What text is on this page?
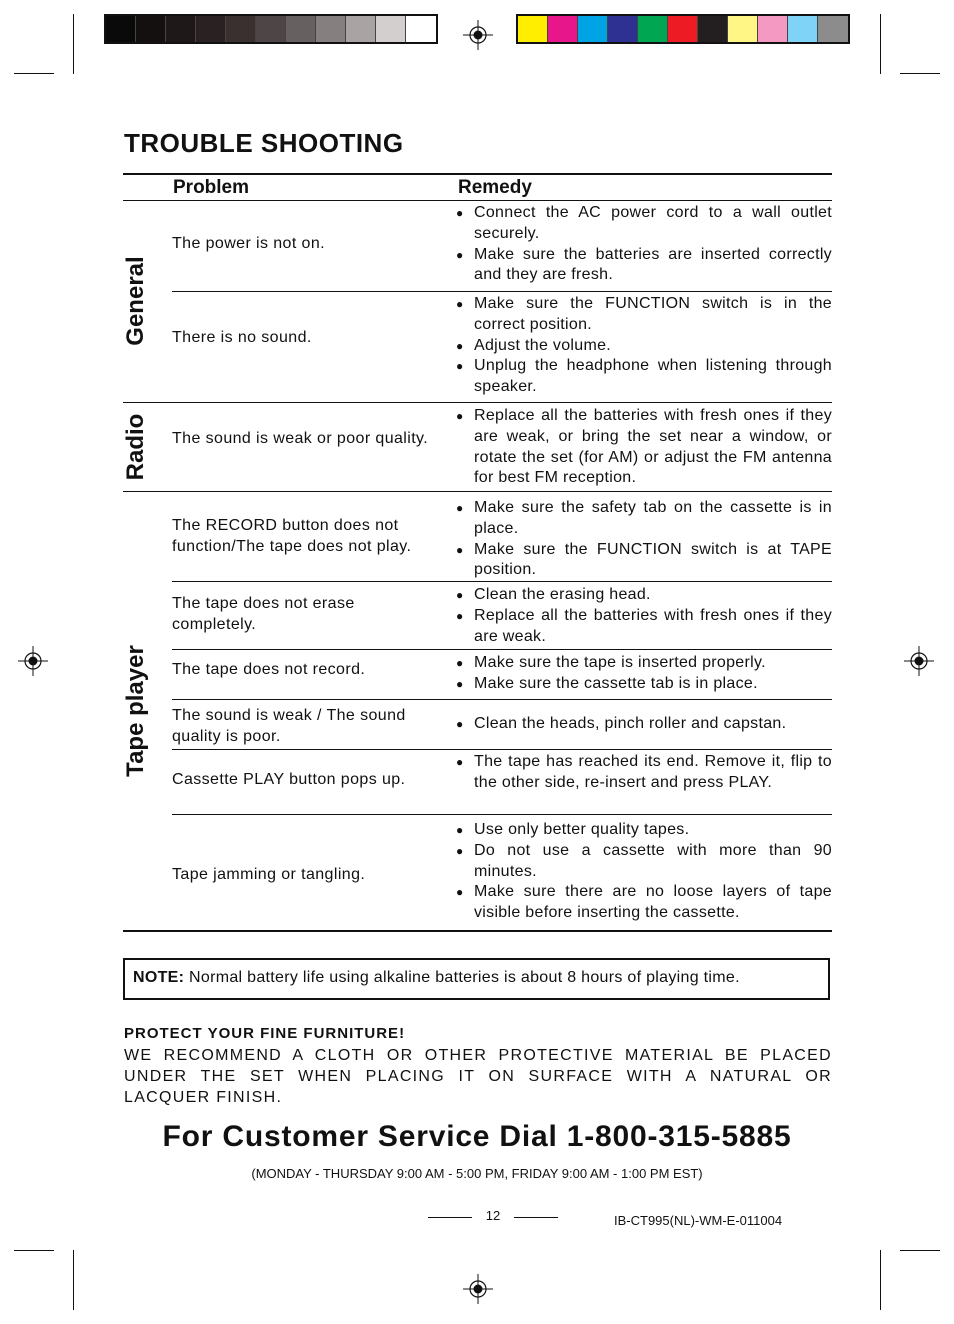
TROUBLE SHOOTING
Problem	Remedy
General
Radio
Tape player
The power is not on.
● Connect the AC power cord to a wall outlet securely.
● Make sure the batteries are inserted correctly and they are fresh.
There is no sound.
● Make sure the FUNCTION switch is in the correct position.
● Adjust the volume.
● Unplug the headphone when listening through speaker.
The sound is weak or poor quality.
● Replace all the batteries with fresh ones if they are weak, or bring the set near a window, or rotate the set (for AM) or adjust the FM antenna for best FM reception.
The RECORD button does not function/The tape does not play.
● Make sure the safety tab on the cassette is in place.
● Make sure the FUNCTION switch is at TAPE position.
The tape does not erase completely.
● Clean the erasing head.
● Replace all the batteries with fresh ones if they are weak.
The tape does not record.
●	Make sure the tape is inserted properly.
● Make sure the cassette tab is in place.
The sound is weak / The sound quality is poor.
● Clean the heads, pinch roller and capstan.
Cassette PLAY button pops up.
● The tape has reached its end. Remove it, flip to the other side, re-insert and press PLAY.
Tape jamming or tangling.
● Use only better quality tapes.
● Do not use a cassette with more than 90 minutes.
● Make sure there are no loose layers of tape visible before inserting the cassette.
NOTE: Normal battery life using alkaline batteries is about 8 hours of playing time.
PROTECT YOUR FINE FURNITURE!
WE RECOMMEND A CLOTH OR OTHER PROTECTIVE MATERIAL BE PLACED UNDER THE SET WHEN PLACING IT ON SURFACE WITH A NATURAL OR LACQUER FINISH.
For Customer Service Dial 1-800-315-5885
(MONDAY - THURSDAY 9:00 AM - 5:00 PM, FRIDAY 9:00 AM - 1:00 PM EST)
12	IB-CT995(NL)-WM-E-011004
